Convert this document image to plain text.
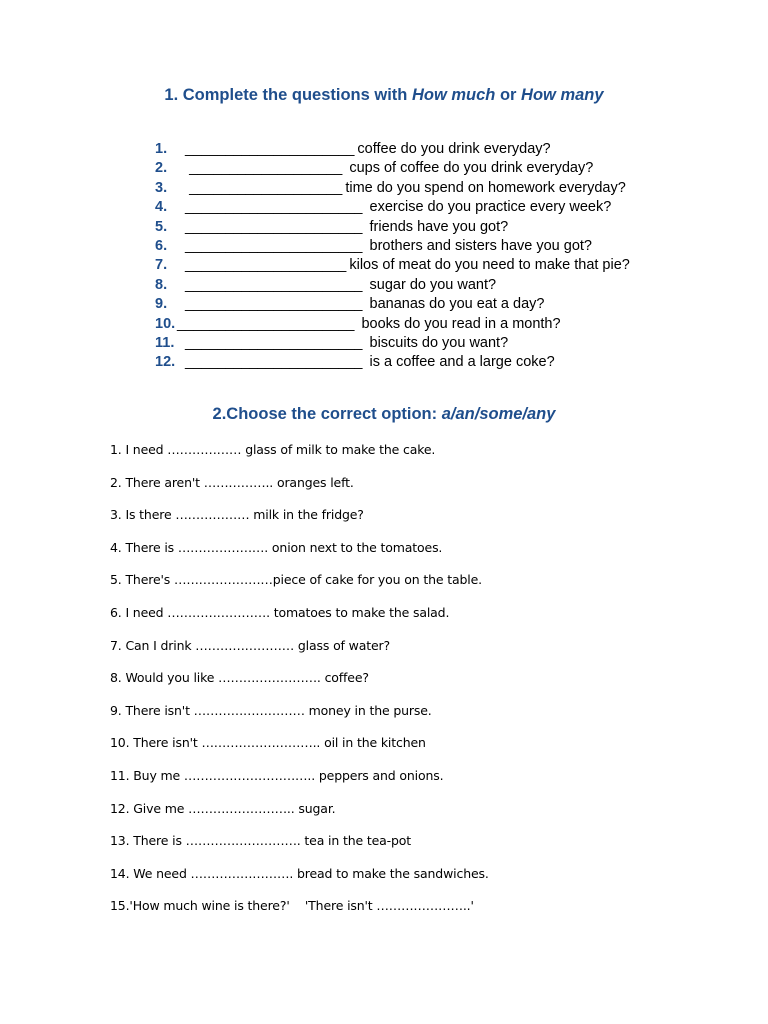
1. Complete the questions with How much or How many
1.  _____________________ coffee do you drink everyday?
2.   ___________________ cups of coffee do you drink everyday?
3.   ___________________ time do you spend on homework everyday?
4.  ______________________ exercise do you practice every week?
5.  ______________________ friends have you got?
6.  ______________________ brothers and sisters have you got?
7.  ____________________ kilos of meat do you need to make that pie?
8.  ______________________ sugar do you want?
9.  ______________________ bananas do you eat a day?
10. ______________________ books do you read in a month?
11.  ______________________ biscuits do you want?
12.  ______________________ is a coffee and a large coke?
2.Choose the correct option: a/an/some/any
1. I need ……………… glass of milk to make the cake.
2. There aren't …………….. oranges left.
3. Is there ……………… milk in the fridge?
4. There is …………………. onion next to the tomatoes.
5. There's ……………………piece of cake for you on the table.
6. I need ……………………. tomatoes to make the salad.
7. Can I drink …………………… glass of water?
8. Would you like ……………………. coffee?
9. There isn't ……………………… money in the purse.
10. There isn't ……………………….. oil in the kitchen
11. Buy me ………………………….. peppers and onions.
12. Give me …………………….. sugar.
13. There is ………………………. tea in the tea-pot
14. We need ……………………. bread to make the sandwiches.
15.'How much wine is there?'    'There isn't …………………..'
